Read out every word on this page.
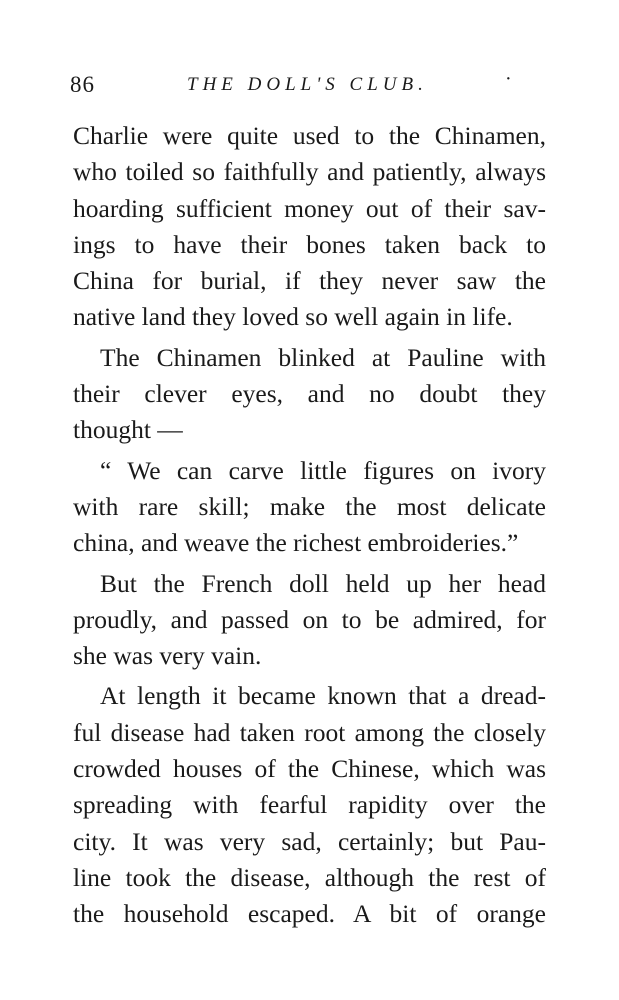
86	THE DOLL'S CLUB.	·
Charlie were quite used to the Chinamen,
who toiled so faithfully and patiently, always
hoarding sufficient money out of their sav-
ings to have their bones taken back to
China for burial, if they never saw the
native land they loved so well again in life.
The Chinamen blinked at Pauline with
their clever eyes, and no doubt they
thought —
“ We can carve little figures on ivory
with rare skill; make the most delicate
china, and weave the richest embroideries.”
But the French doll held up her head
proudly, and passed on to be admired, for
she was very vain.
At length it became known that a dread-
ful disease had taken root among the closely
crowded houses of the Chinese, which was
spreading with fearful rapidity over the
city. It was very sad, certainly; but Pau-
line took the disease, although the rest of
the household escaped. A bit of orange
